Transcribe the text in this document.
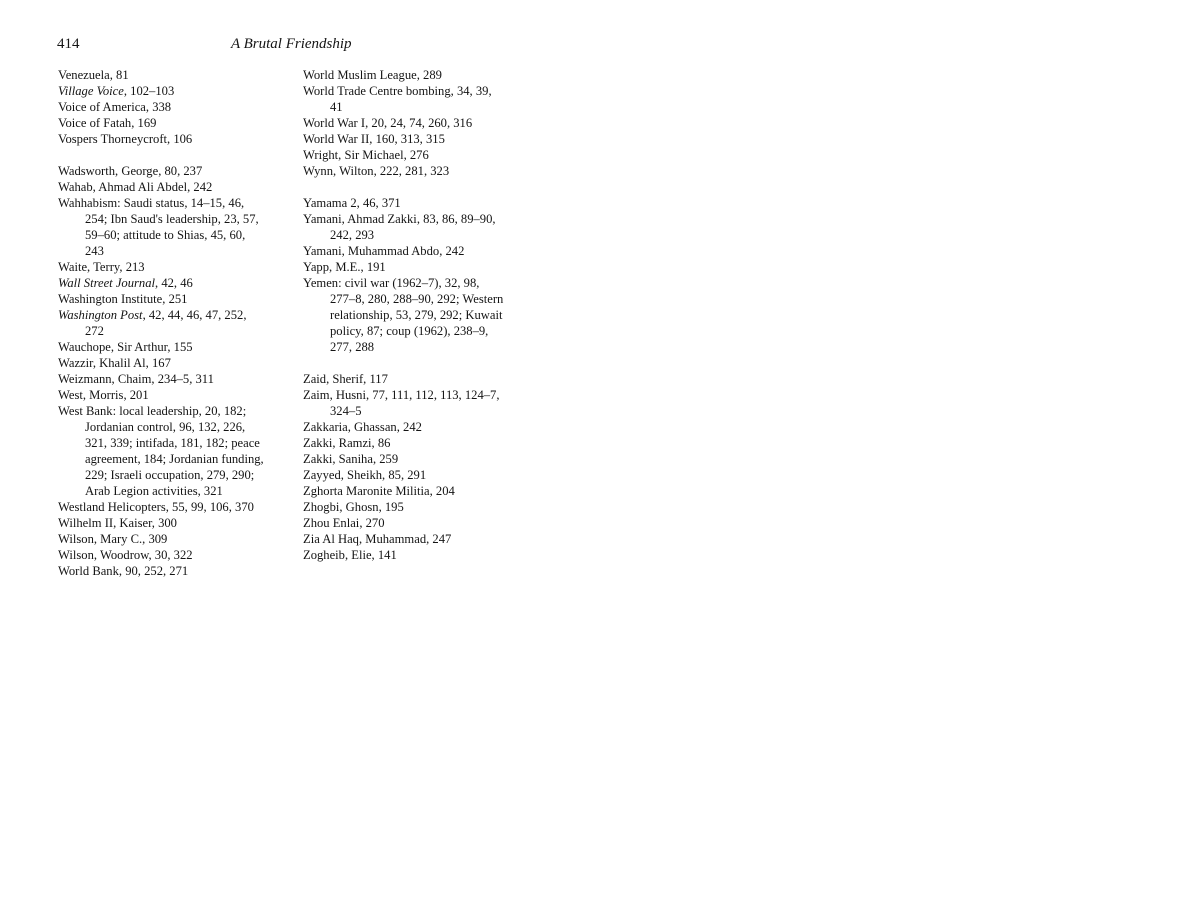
414	A Brutal Friendship
Venezuela, 81
Village Voice, 102–103
Voice of America, 338
Voice of Fatah, 169
Vospers Thorneycroft, 106
Wadsworth, George, 80, 237
Wahab, Ahmad Ali Abdel, 242
Wahhabism: Saudi status, 14–15, 46,
254; Ibn Saud's leadership, 23, 57,
59–60; attitude to Shias, 45, 60,
243
Waite, Terry, 213
Wall Street Journal, 42, 46
Washington Institute, 251
Washington Post, 42, 44, 46, 47, 252,
272
Wauchope, Sir Arthur, 155
Wazzir, Khalil Al, 167
Weizmann, Chaim, 234–5, 311
West, Morris, 201
West Bank: local leadership, 20, 182;
Jordanian control, 96, 132, 226,
321, 339; intifada, 181, 182; peace
agreement, 184; Jordanian funding,
229; Israeli occupation, 279, 290;
Arab Legion activities, 321
Westland Helicopters, 55, 99, 106, 370
Wilhelm II, Kaiser, 300
Wilson, Mary C., 309
Wilson, Woodrow, 30, 322
World Bank, 90, 252, 271
World Muslim League, 289
World Trade Centre bombing, 34, 39,
41
World War I, 20, 24, 74, 260, 316
World War II, 160, 313, 315
Wright, Sir Michael, 276
Wynn, Wilton, 222, 281, 323
Yamama 2, 46, 371
Yamani, Ahmad Zakki, 83, 86, 89–90,
242, 293
Yamani, Muhammad Abdo, 242
Yapp, M.E., 191
Yemen: civil war (1962–7), 32, 98,
277–8, 280, 288–90, 292; Western
relationship, 53, 279, 292; Kuwait
policy, 87; coup (1962), 238–9,
277, 288
Zaid, Sherif, 117
Zaim, Husni, 77, 111, 112, 113, 124–7,
324–5
Zakkaria, Ghassan, 242
Zakki, Ramzi, 86
Zakki, Saniha, 259
Zayyed, Sheikh, 85, 291
Zghorta Maronite Militia, 204
Zhogbi, Ghosn, 195
Zhou Enlai, 270
Zia Al Haq, Muhammad, 247
Zogheib, Elie, 141
